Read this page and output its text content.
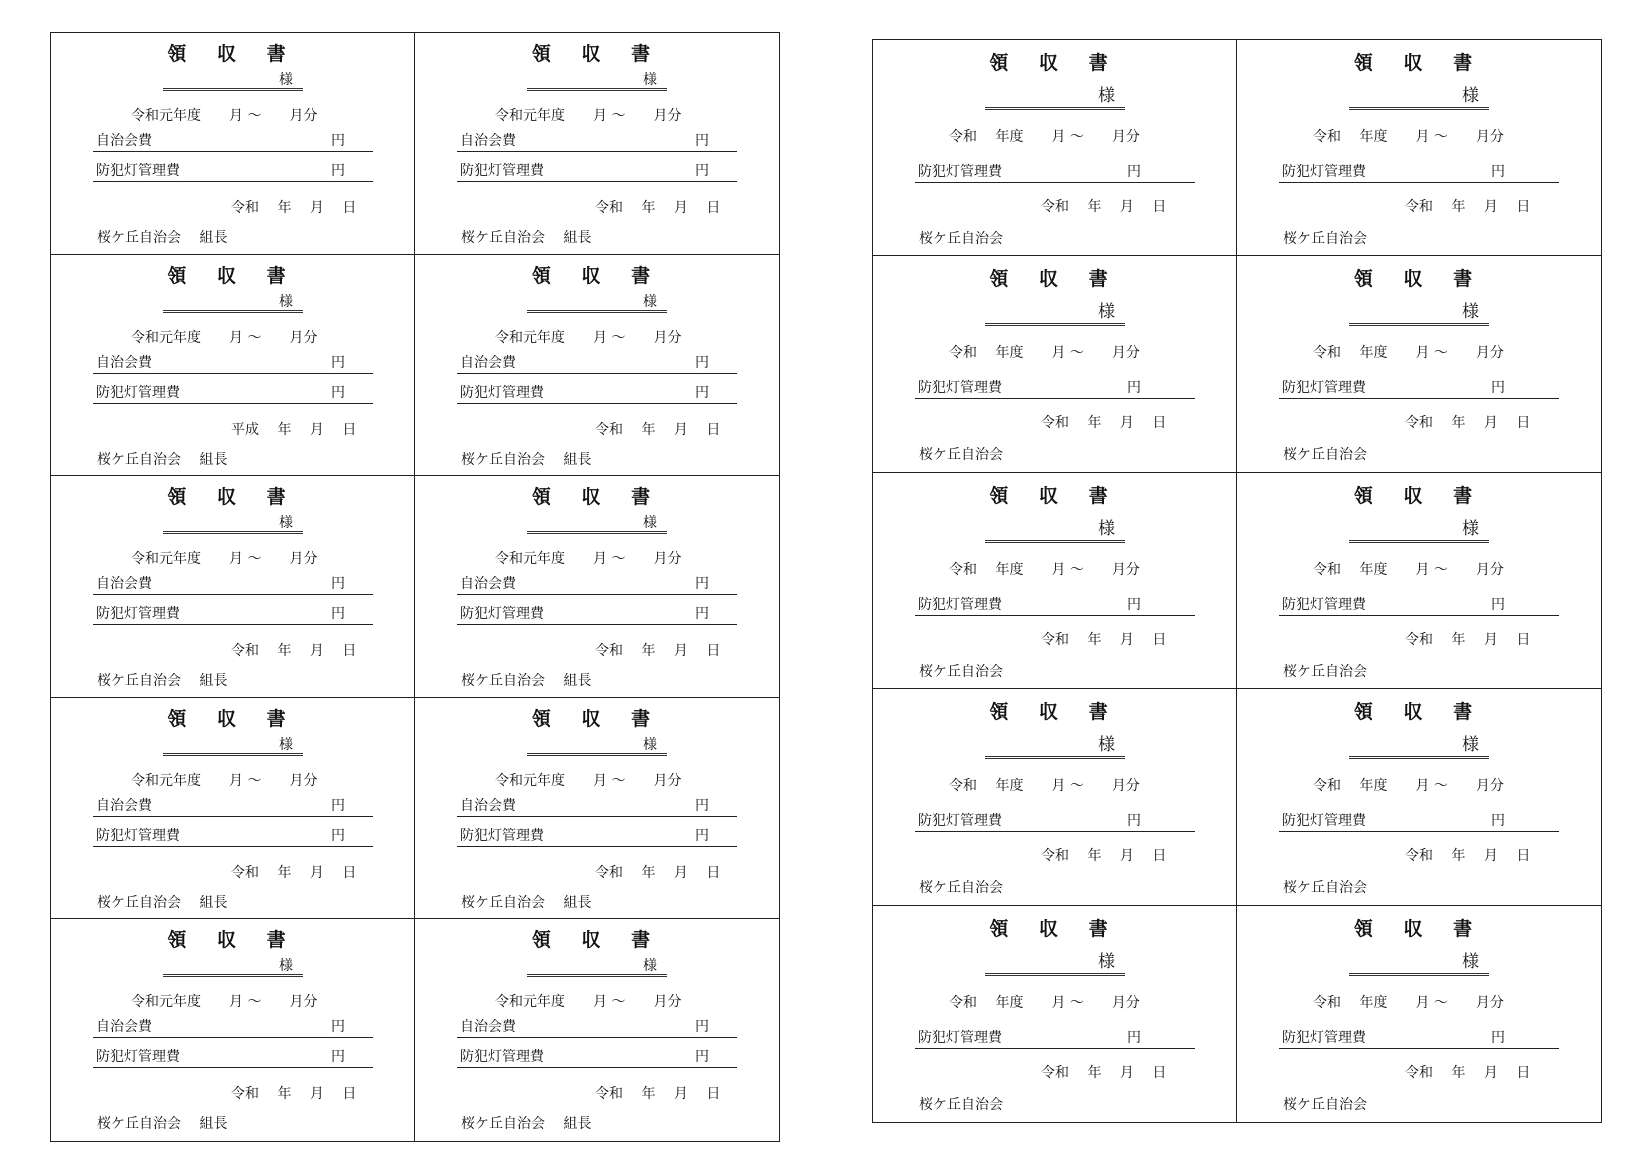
領 収 書
様
令和元年度　　月 〜　　月分
自治会費	円
防犯灯管理費	円
令和　 年　 月　 日
桜ケ丘自治会　 組長
領 収 書
様
令和元年度　　月 〜　　月分
自治会費	円
防犯灯管理費	円
令和　 年　 月　 日
桜ケ丘自治会　 組長
領 収 書
様
令和元年度　　月 〜　　月分
自治会費	円
防犯灯管理費	円
平成　 年　 月　 日
桜ケ丘自治会　 組長
領 収 書
様
令和元年度　　月 〜　　月分
自治会費	円
防犯灯管理費	円
令和　 年　 月　 日
桜ケ丘自治会　 組長
領 収 書
様
令和元年度　　月 〜　　月分
自治会費	円
防犯灯管理費	円
令和　 年　 月　 日
桜ケ丘自治会　 組長
領 収 書
様
令和元年度　　月 〜　　月分
自治会費	円
防犯灯管理費	円
令和　 年　 月　 日
桜ケ丘自治会　 組長
領 収 書
様
令和元年度　　月 〜　　月分
自治会費	円
防犯灯管理費	円
令和　 年　 月　 日
桜ケ丘自治会　 組長
領 収 書
様
令和元年度　　月 〜　　月分
自治会費	円
防犯灯管理費	円
令和　 年　 月　 日
桜ケ丘自治会　 組長
領 収 書
様
令和元年度　　月 〜　　月分
自治会費	円
防犯灯管理費	円
令和　 年　 月　 日
桜ケ丘自治会　 組長
領 収 書
様
令和元年度　　月 〜　　月分
自治会費	円
防犯灯管理費	円
令和　 年　 月　 日
桜ケ丘自治会　 組長
領 収 書
様
令和　 年度　　月 〜　　月分
防犯灯管理費	円
令和　 年　 月　 日
桜ケ丘自治会
領 収 書
様
令和　 年度　　月 〜　　月分
防犯灯管理費	円
令和　 年　 月　 日
桜ケ丘自治会
領 収 書
様
令和　 年度　　月 〜　　月分
防犯灯管理費	円
令和　 年　 月　 日
桜ケ丘自治会
領 収 書
様
令和　 年度　　月 〜　　月分
防犯灯管理費	円
令和　 年　 月　 日
桜ケ丘自治会
領 収 書
様
令和　 年度　　月 〜　　月分
防犯灯管理費	円
令和　 年　 月　 日
桜ケ丘自治会
領 収 書
様
令和　 年度　　月 〜　　月分
防犯灯管理費	円
令和　 年　 月　 日
桜ケ丘自治会
領 収 書
様
令和　 年度　　月 〜　　月分
防犯灯管理費	円
令和　 年　 月　 日
桜ケ丘自治会
領 収 書
様
令和　 年度　　月 〜　　月分
防犯灯管理費	円
令和　 年　 月　 日
桜ケ丘自治会
領 収 書
様
令和　 年度　　月 〜　　月分
防犯灯管理費	円
令和　 年　 月　 日
桜ケ丘自治会
領 収 書
様
令和　 年度　　月 〜　　月分
防犯灯管理費	円
令和　 年　 月　 日
桜ケ丘自治会
